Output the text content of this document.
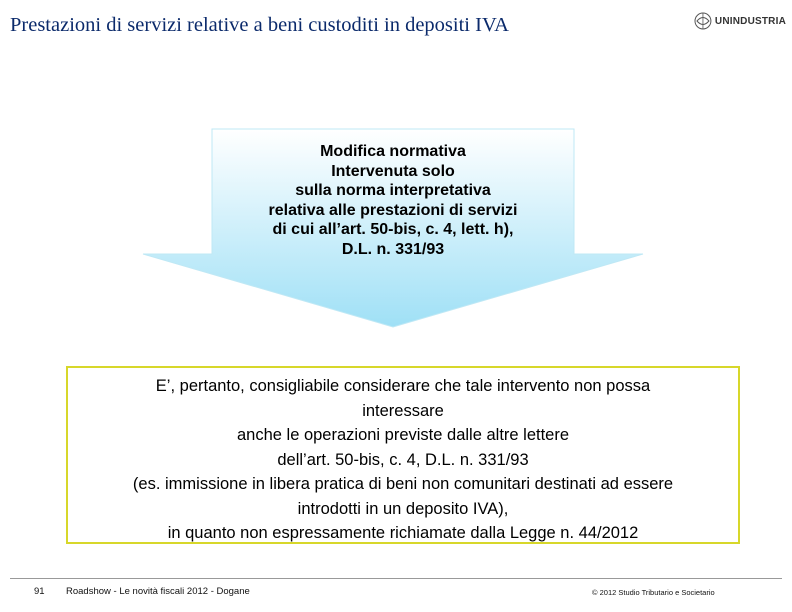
Prestazioni di servizi relative a beni custoditi in depositi IVA	UNINDUSTRIA
Modifica normativa
Intervenuta solo
sulla norma interpretativa
relativa alle prestazioni di servizi
di cui all’art. 50-bis, c. 4, lett. h),
D.L. n. 331/93
E’, pertanto, consigliabile considerare che tale intervento non possa
interessare
anche le operazioni previste dalle altre lettere
dell’art. 50-bis, c. 4, D.L. n. 331/93
(es. immissione in libera pratica di beni non comunitari destinati ad essere
introdotti in un deposito IVA),
in quanto non espressamente richiamate dalla Legge n. 44/2012
91 Roadshow - Le novità fiscali 2012 - Dogane	© 2012 Studio Tributario e Societario
